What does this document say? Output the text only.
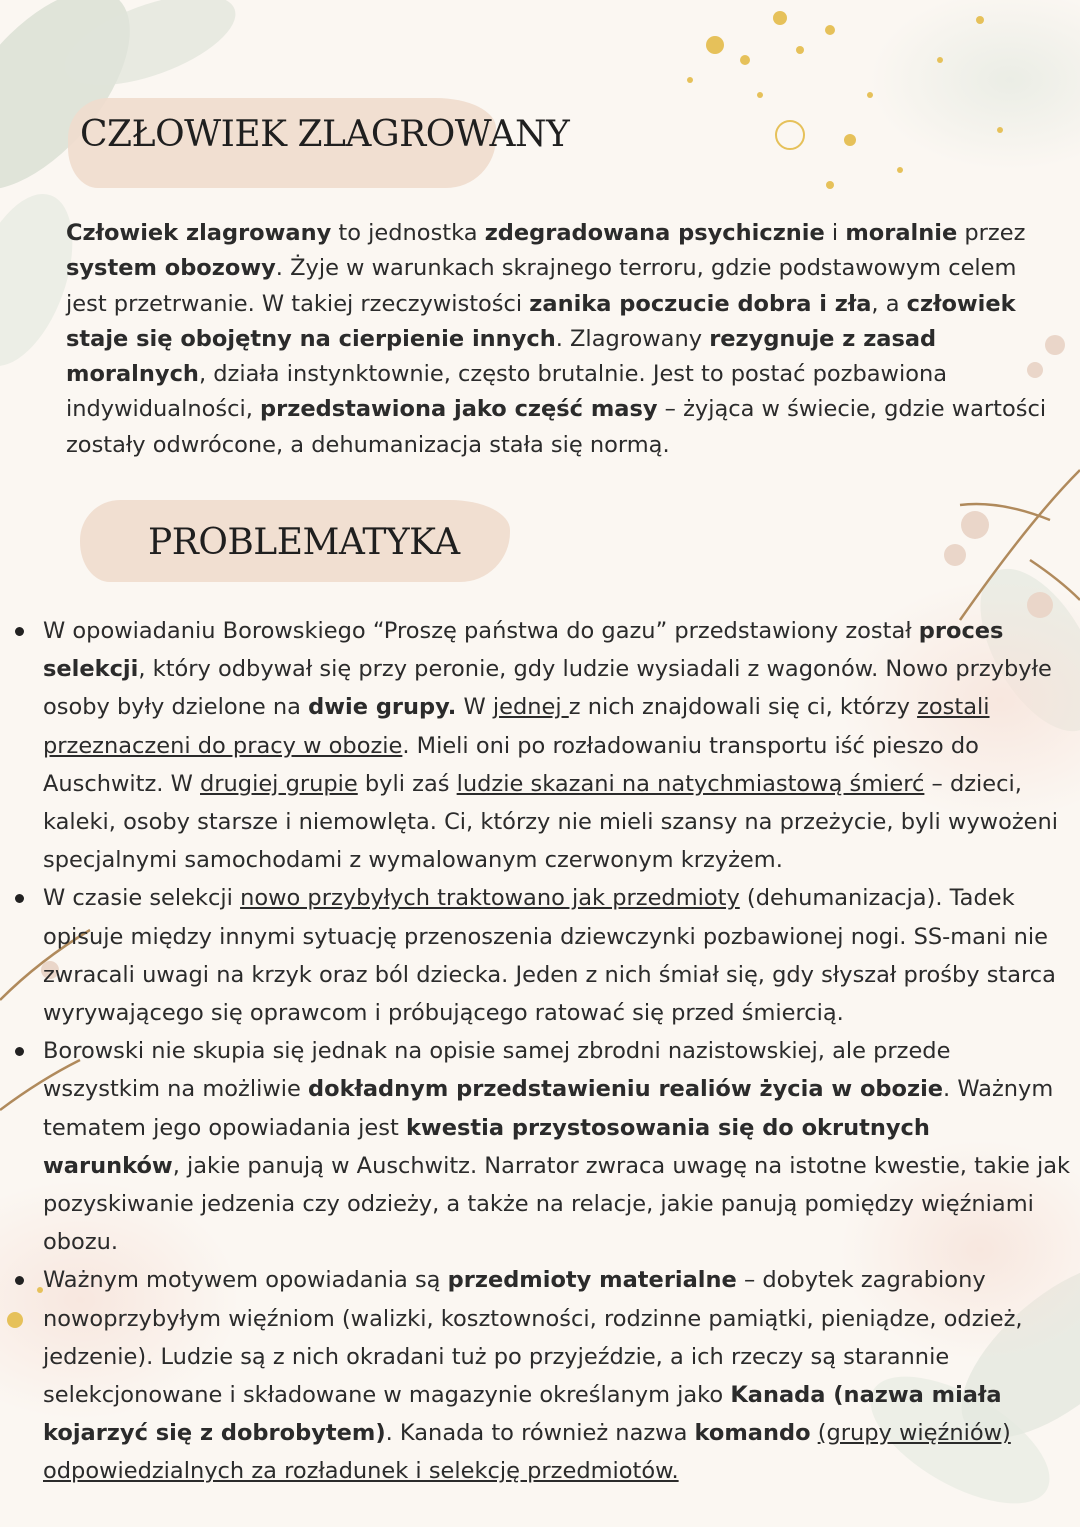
CZŁOWIEK ZLAGROWANY

Człowiek zlagrowany to jednostka zdegradowana psychicznie i moralnie przez system obozowy. Żyje w warunkach skrajnego terroru, gdzie podstawowym celem jest przetrwanie. W takiej rzeczywistości zanika poczucie dobra i zła, a człowiek staje się obojętny na cierpienie innych. Zlagrowany rezygnuje z zasad moralnych, działa instynktownie, często brutalnie. Jest to postać pozbawiona indywidualności, przedstawiona jako część masy – żyjąca w świecie, gdzie wartości zostały odwrócone, a dehumanizacja stała się normą.

PROBLEMATYKA
W opowiadaniu Borowskiego “Proszę państwa do gazu” przedstawiony został proces selekcji, który odbywał się przy peronie, gdy ludzie wysiadali z wagonów. Nowo przybyłe osoby były dzielone na dwie grupy. W jednej z nich znajdowali się ci, którzy zostali przeznaczeni do pracy w obozie. Mieli oni po rozładowaniu transportu iść pieszo do Auschwitz. W drugiej grupie byli zaś ludzie skazani na natychmiastową śmierć – dzieci, kaleki, osoby starsze i niemowlęta. Ci, którzy nie mieli szansy na przeżycie, byli wywożeni specjalnymi samochodami z wymalowanym czerwonym krzyżem.
W czasie selekcji nowo przybyłych traktowano jak przedmioty (dehumanizacja). Tadek opisuje między innymi sytuację przenoszenia dziewczynki pozbawionej nogi. SS-mani nie zwracali uwagi na krzyk oraz ból dziecka. Jeden z nich śmiał się, gdy słyszał prośby starca wyrywającego się oprawcom i próbującego ratować się przed śmiercią.
Borowski nie skupia się jednak na opisie samej zbrodni nazistowskiej, ale przede wszystkim na możliwie dokładnym przedstawieniu realiów życia w obozie. Ważnym tematem jego opowiadania jest kwestia przystosowania się do okrutnych warunków, jakie panują w Auschwitz. Narrator zwraca uwagę na istotne kwestie, takie jak pozyskiwanie jedzenia czy odzieży, a także na relacje, jakie panują pomiędzy więźniami obozu.
Ważnym motywem opowiadania są przedmioty materialne – dobytek zagrabiony nowoprzybyłym więźniom (walizki, kosztowności, rodzinne pamiątki, pieniądze, odzież, jedzenie). Ludzie są z nich okradani tuż po przyjeździe, a ich rzeczy są starannie selekcjonowane i składowane w magazynie określanym jako Kanada (nazwa miała kojarzyć się z dobrobytem). Kanada to również nazwa komando (grupy więźniów) odpowiedzialnych za rozładunek i selekcję przedmiotów.
